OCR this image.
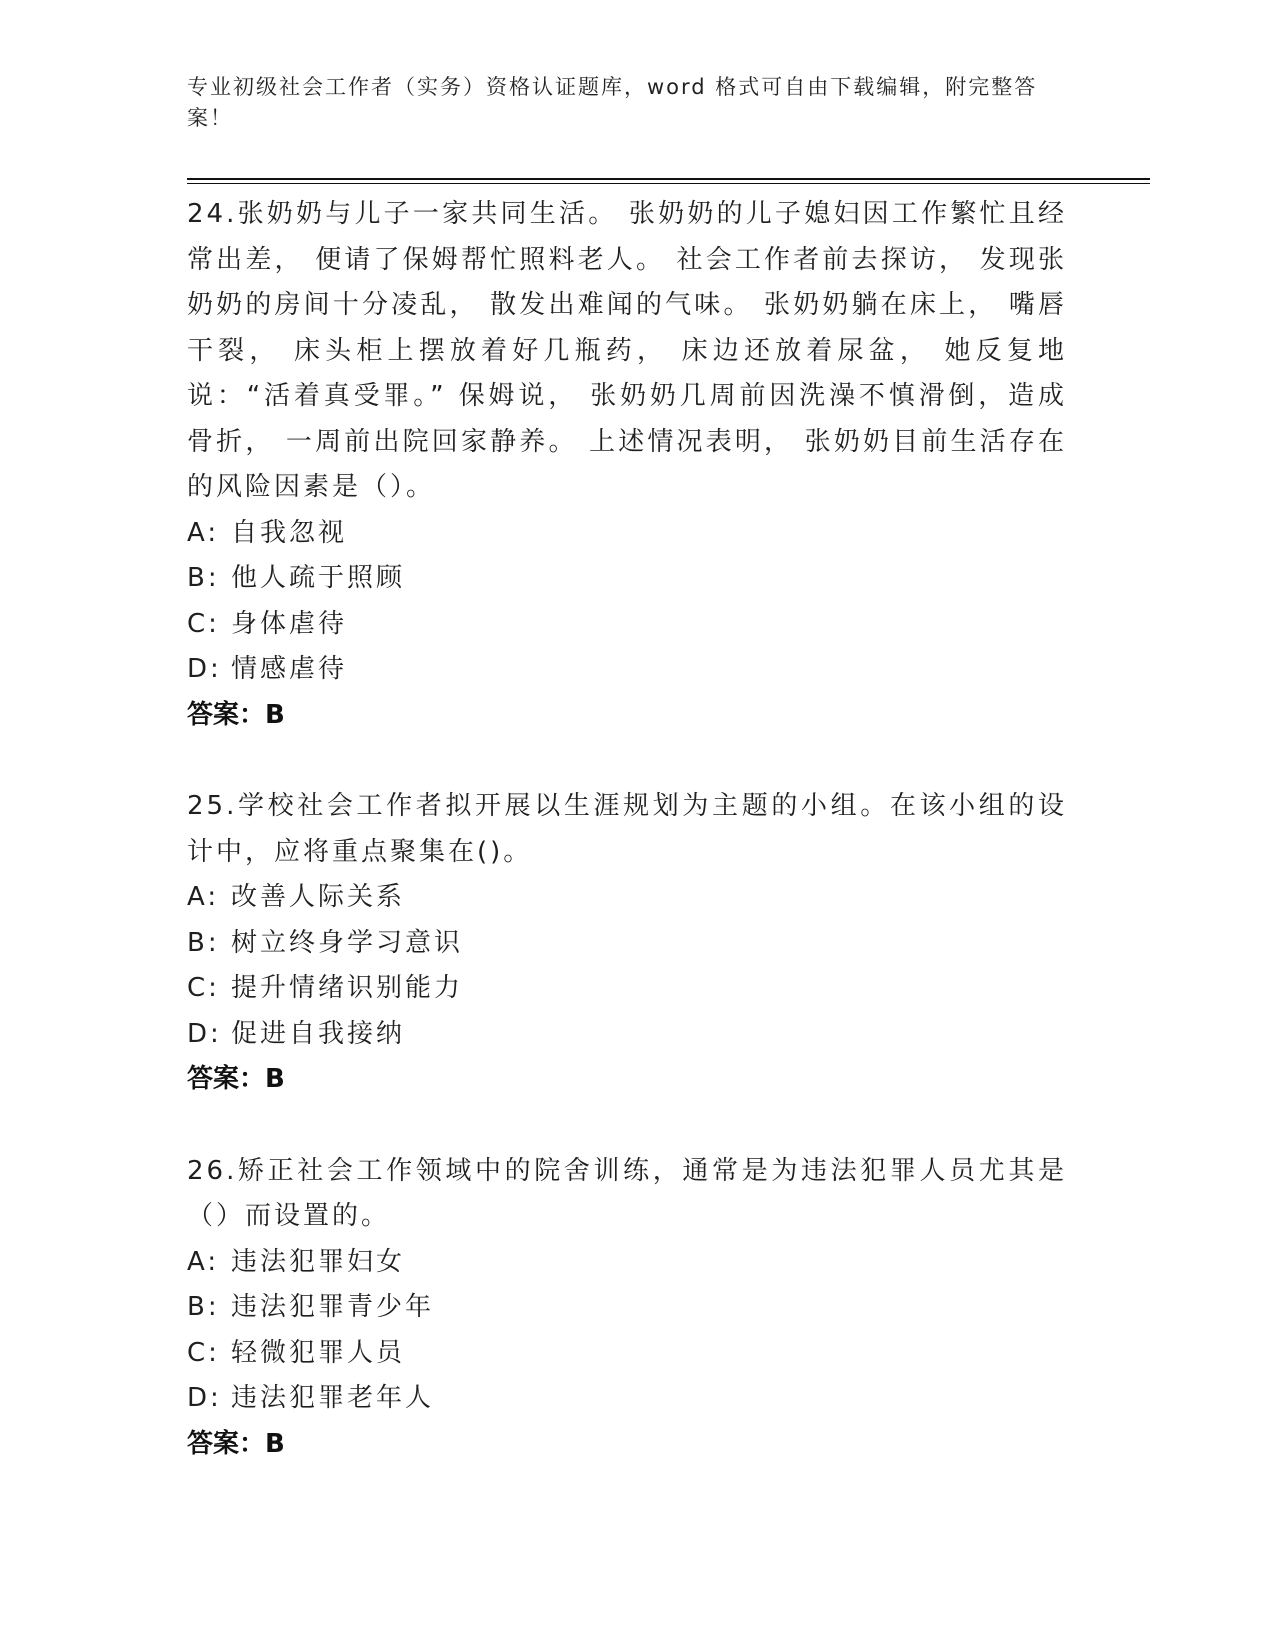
专业初级社会工作者（实务）资格认证题库，word 格式可自由下载编辑，附完整答案！

24.张奶奶与儿子一家共同生活。 张奶奶的儿子媳妇因工作繁忙且经常出差， 便请了保姆帮忙照料老人。 社会工作者前去探访， 发现张奶奶的房间十分凌乱， 散发出难闻的气味。 张奶奶躺在床上， 嘴唇干裂， 床头柜上摆放着好几瓶药， 床边还放着尿盆， 她反复地说：“活着真受罪。” 保姆说， 张奶奶几周前因洗澡不慎滑倒，造成骨折， 一周前出院回家静养。 上述情况表明， 张奶奶目前生活存在的风险因素是（）。

A: 自我忽视

B: 他人疏于照顾

C: 身体虐待

D: 情感虐待

答案：B

25.学校社会工作者拟开展以生涯规划为主题的小组。在该小组的设计中，应将重点聚集在()。

A: 改善人际关系

B: 树立终身学习意识

C: 提升情绪识别能力

D: 促进自我接纳

答案：B

26.矫正社会工作领域中的院舍训练，通常是为违法犯罪人员尤其是（）而设置的。

A: 违法犯罪妇女

B: 违法犯罪青少年

C: 轻微犯罪人员

D: 违法犯罪老年人

答案：B
